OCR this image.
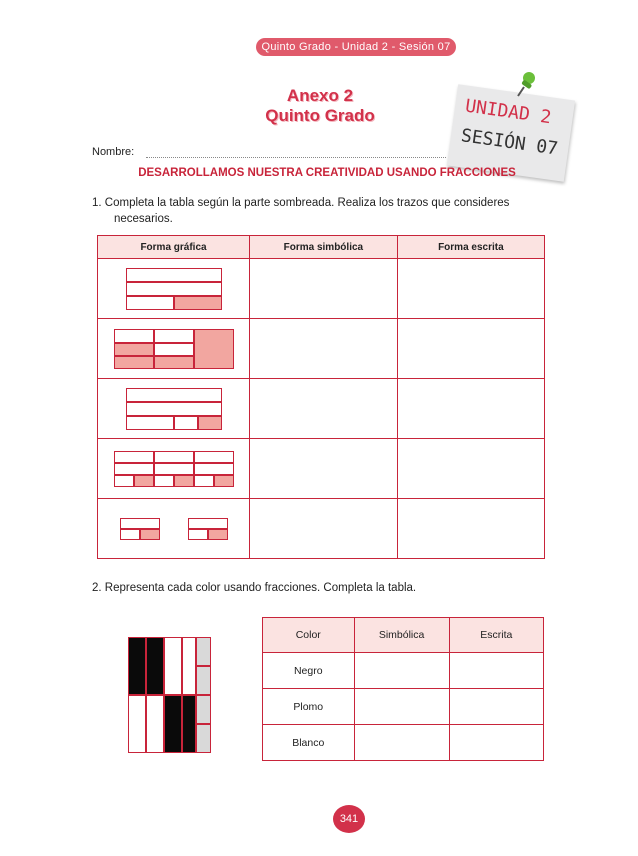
Quinto Grado - Unidad 2 - Sesión 07
Anexo 2
Quinto Grado	UNIDAD 2
SESIÓN 07
Nombre:
DESARROLLAMOS NUESTRA CREATIVIDAD USANDO FRACCIONES
1. Completa la tabla según la parte sombreada. Realiza los trazos que consideres
necesarios.
Forma gráfica	Forma simbólica	Forma escrita

2. Representa cada color usando fracciones. Completa la tabla.
Color	Simbólica	Escrita
Negro		
Plomo		
Blanco		
341
